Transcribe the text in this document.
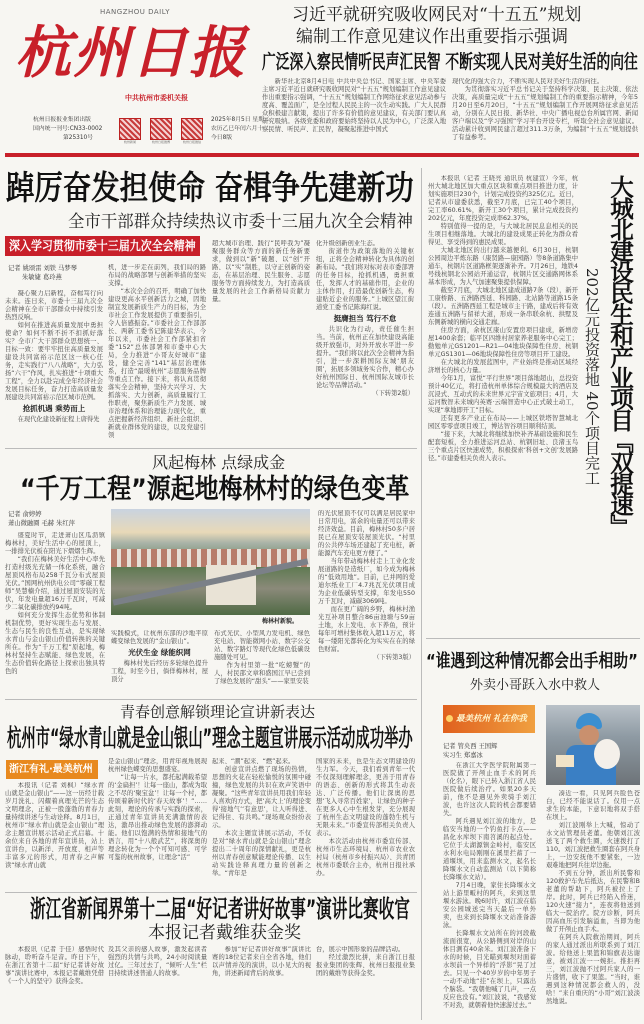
HANGZHOU DAILY
杭州日报
中共杭州市委机关报
杭州日报报业集团出版
国内统一刊号:CN33-0002
第25310号
杭州新闻	杭州日报微博	杭州日报微信
2025年8月5日 星期二
农历乙巳年闰六月十二
今日8版
习近平就研究吸收网民对“十五五”规划
编制工作意见建议作出重要指示强调
广泛深入察民情听民声汇民智 不断实现人民对美好生活的向往

新华社北京8月4日电 中共中央总书记、国家主席、中央军委主席习近平近日就研究吸收网民对“十五五”规划编制工作意见建议作出重要指示强调，“十五五”规划编制工作网络征求意见活动参与度高、覆盖面广，是全过程人民民主的一次生动实践。广大人民群众积极建言献策，提出了许多有价值的意见建议，有关部门要认真研究吸纳。各级党委和政府要始终坚持以人民为中心，广泛深入地察民情、听民声、汇民智，凝聚起推进中国式

现代化的强大合力，不断实现人民对美好生活的向往。

为贯彻落实习近平总书记关于坚持科学决策、民主决策、依法决策，高质量完成“十五五”规划编制工作的重要指示精神，今年5月20日至6月20日，“十五五”规划编制工作开展网络征求意见活动，分别在人民日报、新华社、中央广播电视总台所属官网、新闻客户端以及“学习强国”学习平台开设专栏，听取全社会意见建议。活动累计收到网民建言超过311.3万条，为编制“十五五”规划提供了有益参考。

踔厉奋发担使命 奋楫争先建新功
全市干部群众持续热议市委十三届九次全会精神
深入学习贯彻市委十三届九次全会精神
记者 姚颂雷 刘铁 马梦琴
朱敏婕 葛玲燕

凝心聚力启新程，奋楫笃行向未来。连日来，市委十三届九次全会精神在全市干部群众中持续引发热烈反响。

如何在推进高质量发展中勇担使命？如何不断不折不扣抓好落实？全市广大干部群众思想统一、目标一致：要牢牢扭住高质量发展建设共同富裕示范区这一核心任务，走实践行“八八战略”，大力弘扬“六干”作风，扎实推进“十项重大工程”，全力以赴完成全年经济社会发展目标任务，奋力打造高质量发展建设共同富裕示范区城市范例。

抢抓机遇 乘势而上

在现代化建设新征程上唐得先

机，进一步走在前列，我们局的路布局的战略部署与创新举措的坚实支撑。

“本次全会的召开，明确了加快建设更高水平创新活力之城，因地制宜发展新质生产力的目标，为全市社会工作发展提供了重要指引，令人倍感振奋。”市委社会工作部部长、两新工委书记陈建华表示，今年以来，市委社会工作部紧扣省委“152”总体部署和市委中心大局，全力推进“小哥友好城市”建设，健全完善“141”基层治理体系，打造“最暖杭州”志愿服务品牌等重点工作。接下来，将认真贯彻落实全会精神，坚持大兴学习、大抓落实、大力创新，高质量履行工作职责，聚焦新质生产力发展、城市治理体系和治理能力现代化，重点把握新经济组织、新社会组织、新就业群体党的建设，以及党建引领

超大城市治理、践行“民呼我为”凝聚服务群众等方面的新任务新要求，做到以“新”破题、以“创”开路、以“实”制胜，以守正创新的姿态，在基层治理、民生服务、志愿服务等方面持续发力，为打造高质量发展的社会工作新格局贡献力量。

化升级创新创业生态。

街道作为政策落地的关键枢纽，正将全会精神转化为具体的创新布局。“我们将对标对表市委部署的任务目标，抢抓机遇，勇担重任，发挥人才的基础作用，企业的主体作用，打造最优创新生态，构建贴近企业的服务。”上城区望江街道党工委书记陈海红说。

挺膺担当 笃行不怠

共识化为行动，责任催生担当。当前，杭州正在加快建设高能级开放强市，对外开放水平进一步提升。“我们将以此次全会精神为指引，进一步深耕国际友城‘朋友圈’，拓展多领域务实合作，精心办好杭州国际日、杭州国际友城市长论坛等品牌活动。”

（下转第2版）

本报讯（记者 王晓亮 通讯员 杭建宣）今年，杭州大城北地区加大重点区块和重点项目推进力度，计划实施项目230个，计划完成投资约325亿元。近日，记者从市建委获悉，截至7月底，已完工40个项目，完工率60.61%，新开工30个项目，累计完成投资约202亿元，年度投资完成率62.37%。

特别值得一提的是，与大城北居民息息相关的民生项目相继落地。大城北的建设成果正转化为群众看得见、享受得到的惠民成果。

大城北地区的出行越来越便利。6月30日，杭钢公园周边平炼东路（康贤路—康园路）等8条道路集中通车，杭钢片区道路框架逐渐补齐。7月26日，地铁4号线杭钢北公园站开通运营，杭钢片区交通路网体系基本形成，为人气加速聚集提供保障。

截至7月底，大城北地区建成道路7条（段），新开工康桥路、五洲路西延、科园路、北站路等道路15条（段）。五洲路西延工程是城市主干路，建成后将有效连通五洲路与留祥大道，形成一条串联余杭、拱墅及东侧新城的横向交通走廊。

住房方面，余杭区康山安置房项目建成，新增房屋1400余套；临平区四维村居家养老服务中心完工；勤勉单元GS1201—R21—04地块保障性住房、杭钢单元GS1301—06地块保障性住房等项目开工建设。

在大城北的发展蓝图中，产业始终是推动区域经济增长的核心力量。

今年1月，富悦“平行世界”项目落地超山，总投资预计40亿元，将打造杭州单体综合规模最大的酒店及沉浸式、互动式的未来世界元宇宙文旅项目；4月，大运河数智未来城内英赛·云端智造中心正式破土动工，实现“拿地即开工”目标。

还有更多产业正在布局——上城区铁塔智慧城北园区零零壹项目竣工，博达智谷项目顺利结顶。

“接下来，大城北将继续加快补齐基础设施和民生配套短板，全力推进运河总站、杭钢旧址、良渚玉鸟三个重点片区快速成势，积极探索‘科创+文创’发展路径。”市建委相关负责人表示。	202亿元投资落地 40个项目完工 大城北建设民生和产业项目『双提速』
风起梅林 点绿成金
“千万工程”源起地梅林村的绿色变革
记者 俞婷婷
萧山微融圈 毛赫 朱红萍

盛夏时节，走进萧山区瓜沥镇梅林村，美好生活中心的屋顶上，一排排光伏板在阳光下熠熠生辉。

“我们在梅林美好生活中心率先打造村级光充储一体化系统，融合屋顶风格布局258千瓦分布式屋顶光伏。”国网杭州供电公司“零碳工程师”吴慧楠介绍，通过屋顶安装的光伏，年发电量超16万千瓦时，可减少二氧化碳排放约94吨。

如何充分发挥生态优势和体制机制优势，更好实现生态与发展、生态与民生的良性互动，是实现绿水青山与金山银山价值转换的关键所在。作为“千万工程”原起地，梅林村坚持生态赋能、绿色发展，在生态价值转化路径上探索出独具特色的

梅林村新貌。

实践模式，让杭州东部的沙地平原蝶变绿色发展的“金山银山”。

光伏生金 绿能织网

梅林村先后经历多轮绿色提升工程，时至今日，倘佯梅林村，屋顶分

布式光伏、小型风力发电机、绿色充电站、智能微网小站、数字公交站、数字路灯等现代化绿色低碳设施随处可见。

作为村里第一批“吃螃蟹”的人，村民邵文章和盛国江早已尝到了绿色发展的“甜头”——家里安装

的光伏屋顶不仅可以满足居民家中日常用电，富余的电量还可以带来经济效益。目前，梅林村50多户居民已在屋顶安装屋顶光伏。“村里的公共停车场还建起了充电桩，新能源汽车充电更方便了。”

当年带动梅林村走上工业化发展道路的是造纸厂，如今成为梅林的“低效用地”。目前，已并网的爱迪尔纸业工厂4.7兆瓦光伏项目成为企业低碳转型支撑，年发电550万千瓦时，减碳3069吨。

而在更广阔的乡野，梅林村渔光互补项目整合86亩池塘与59亩土地，水上发电、水下养鱼，预计每年可增村集体收入超11万元，将每一缕阳光都转化为实实在在的绿色财富。

（下转第3版）
青春创意解锁理论宣讲新表达
杭州市“绿水青山就是金山银山”理念主题宣讲展示活动成功举办
浙江有礼·最美杭州

本报讯（记者 刘枫）“绿水青山就是金山银山”——这一历经廿载岁月洗礼、闪耀着真理光芒的生态文明理念，正被一股蓬勃的青春力量持续讲述与生动诠释。8月1日，杭州市“绿水青山就是金山银山”理念主题宣讲展示活动正式启幕。十余位来自各地的青年宣讲员，站上宣讲台，以新洋、开放度、相声等丰富多元的形式，用青春之声解读“绿水青山就

是金山银山”理念，用青年视角展现杭州绿色蝶变的思想盛宴。

“让每一片水，都托起满载希望的‘金扁担’！让每一座山，都成为取之不尽的‘聚宝盆’！让每一个村，都传颂着新时代的‘春天故事’！”……此刻，理论的传承与实践的探索，正通过青年宣讲员充满激情的表达，激昂出推动绿色发展的澎湃动能。他们以饱满的热情和接地气的语言，用“十八般武艺”，将深奥的理念转化为一个个可知可感、可学可鉴的杭州故事，让理念“活”

起来、“潮”起来、“燃”起来。

创意宣讲点燃了现场的热情，思想的火花在轻松愉悦的氛围中碰撞，绿色发展的共识在欢声笑语中凝聚。“这些青年宣讲员用我们年轻人喜欢的方式，把‘高大上’的理论变得‘接地气’‘有意思’，让人听得进、记得住、有共鸣。”现场观众纷纷表示。

本次主题宣讲展示活动，不仅是对“绿水青山就是金山银山”理念提出二十周年的深情献礼，更是杭州以青春创意赋能理论传播、以生动实践诠释真理力量的创新之举。“青年是

国家的未来，也是生态文明建设的生力军。今天，我们看到青年一代不仅深刻理解理念，更善于用青春的语态、创新的形式将其生动表达、广泛传播。他们让深奥的思想‘飞入寻常百姓家’，让绿色的种子在更多人心中生根发芽，充分展现了杭州生态文明建设的蓬勃生机与无限未来。”市委宣传部相关负责人表示。

本次活动由杭州市委宣传部、杭州市生态环境局、杭州市农业农村局（杭州市乡村振兴局）、共青团杭州市委联合主办，杭州日报社承办。

浙江省新闻界第十二届“好记者讲好故事”演讲比赛收官
本报记者戴维获金奖

本报讯（记者 于佳）感悟时代脉动，聆听奋斗足音。昨日下午，在浙江省第十二届“好记者讲好故事”演讲比赛中，本报记者戴维凭借《一个人的坚守》获得金奖。

及其父亲的感人故事，激发起读者强烈的共情与共鸣，24小时阅读量过亿。三年过去了，“倾听·人生”栏目持续讲述普通人的故事。

参加“好记者讲好故事”演讲比赛的18位记者来自全省各地，他们以声情并茂的演讲，以小见大的视角，讲述新闻背后的故事。

台，展示中国形象的品牌活动。

经过激烈比拼，来自浙江日报报业集团的张辉、杭州日报报业集团的戴维等获得金奖。

“谁遇到这种情况都会出手相助”
外卖小哥跃入水中救人
最美杭州 礼在你我
记者 管央西 王国辉
实习生 郑嘉冰

在浙江大学医学院附属第一医院做了开颅止血手术的阿兵（化名），眼下已转入浙江省人民医院做后续治疗。如果20多天前，他不是遇见外卖骑手刘江波，也许这次人院的机会都要错失。

阿兵遇见刘江波的地方，是临安当地的一个钓鱼打卡点——昌化水库坝下南苕溪的起点处。它位于太湖源镇金岭村，临安区水利水电局刚刚在溪里拦蓄了一道堰坝，用来监测水文，起名长降堰水文自动监测站（以下简称长降堰水文站）。

7月4日晚，家住长降堰水文站上游里畈村的阿兵，来到这里堰水游泳。晚6时许，刘江波在临安公园城送完当天最后一单外卖，也来到长降堰水文站准备游泳。

长降堰水文站所在的河段截流面很宽，从公路侧到对岸的山体目测有40余米。刘江波准备下水的时候，目光瞄到堰坝对面蓄水坝前一个异样的“浮影”晃了过去。只见一个40岁岁的中年男子一动不动地“挂”在坝上，只露出个脑袋。“我朝他喊了几声，一点反应也没有。”刘江波说，“我感觉不对劲，就朝着他快速游过去。”

凑近一看，只见阿兵脸色苍白，已经不能说话了。仅用一点求生的本能，下意识地将双手搭在坝上。

刘江波刚举上大喊，惊动了水文站管理员老董。他朝刘江波送飞了两个救生圈，火速拨打了110。刘江波把救生圈套在阿兵身上，一边安抚他不要紧张，一边艰难地把阿兵往岸边拖。

不到五分钟，派出所民警和120救护车先后抵达，在民警和B老董的帮助下，阿兵被拉上了岸。此时，阿兵已经陷入昏迷，120火速“接力”，连夜将他送到临大一院治疗。院方诊断，阿兵因高血压引发脑溢血，当即为他做了开颅止血手术。

在阿兵入院救治期间，阿兵的家人通过派出所联系到了刘江波。给他送上果篮和锦旗表达谢意，被刘江波一一婉拒。推拒再三，刘江波抛不过阿兵家人的一片盛情，收下了果篮。“当时，谁遇到这种情况都会救人的，没啥！”来自重庆的“小哥”刘江波淡然地说。
